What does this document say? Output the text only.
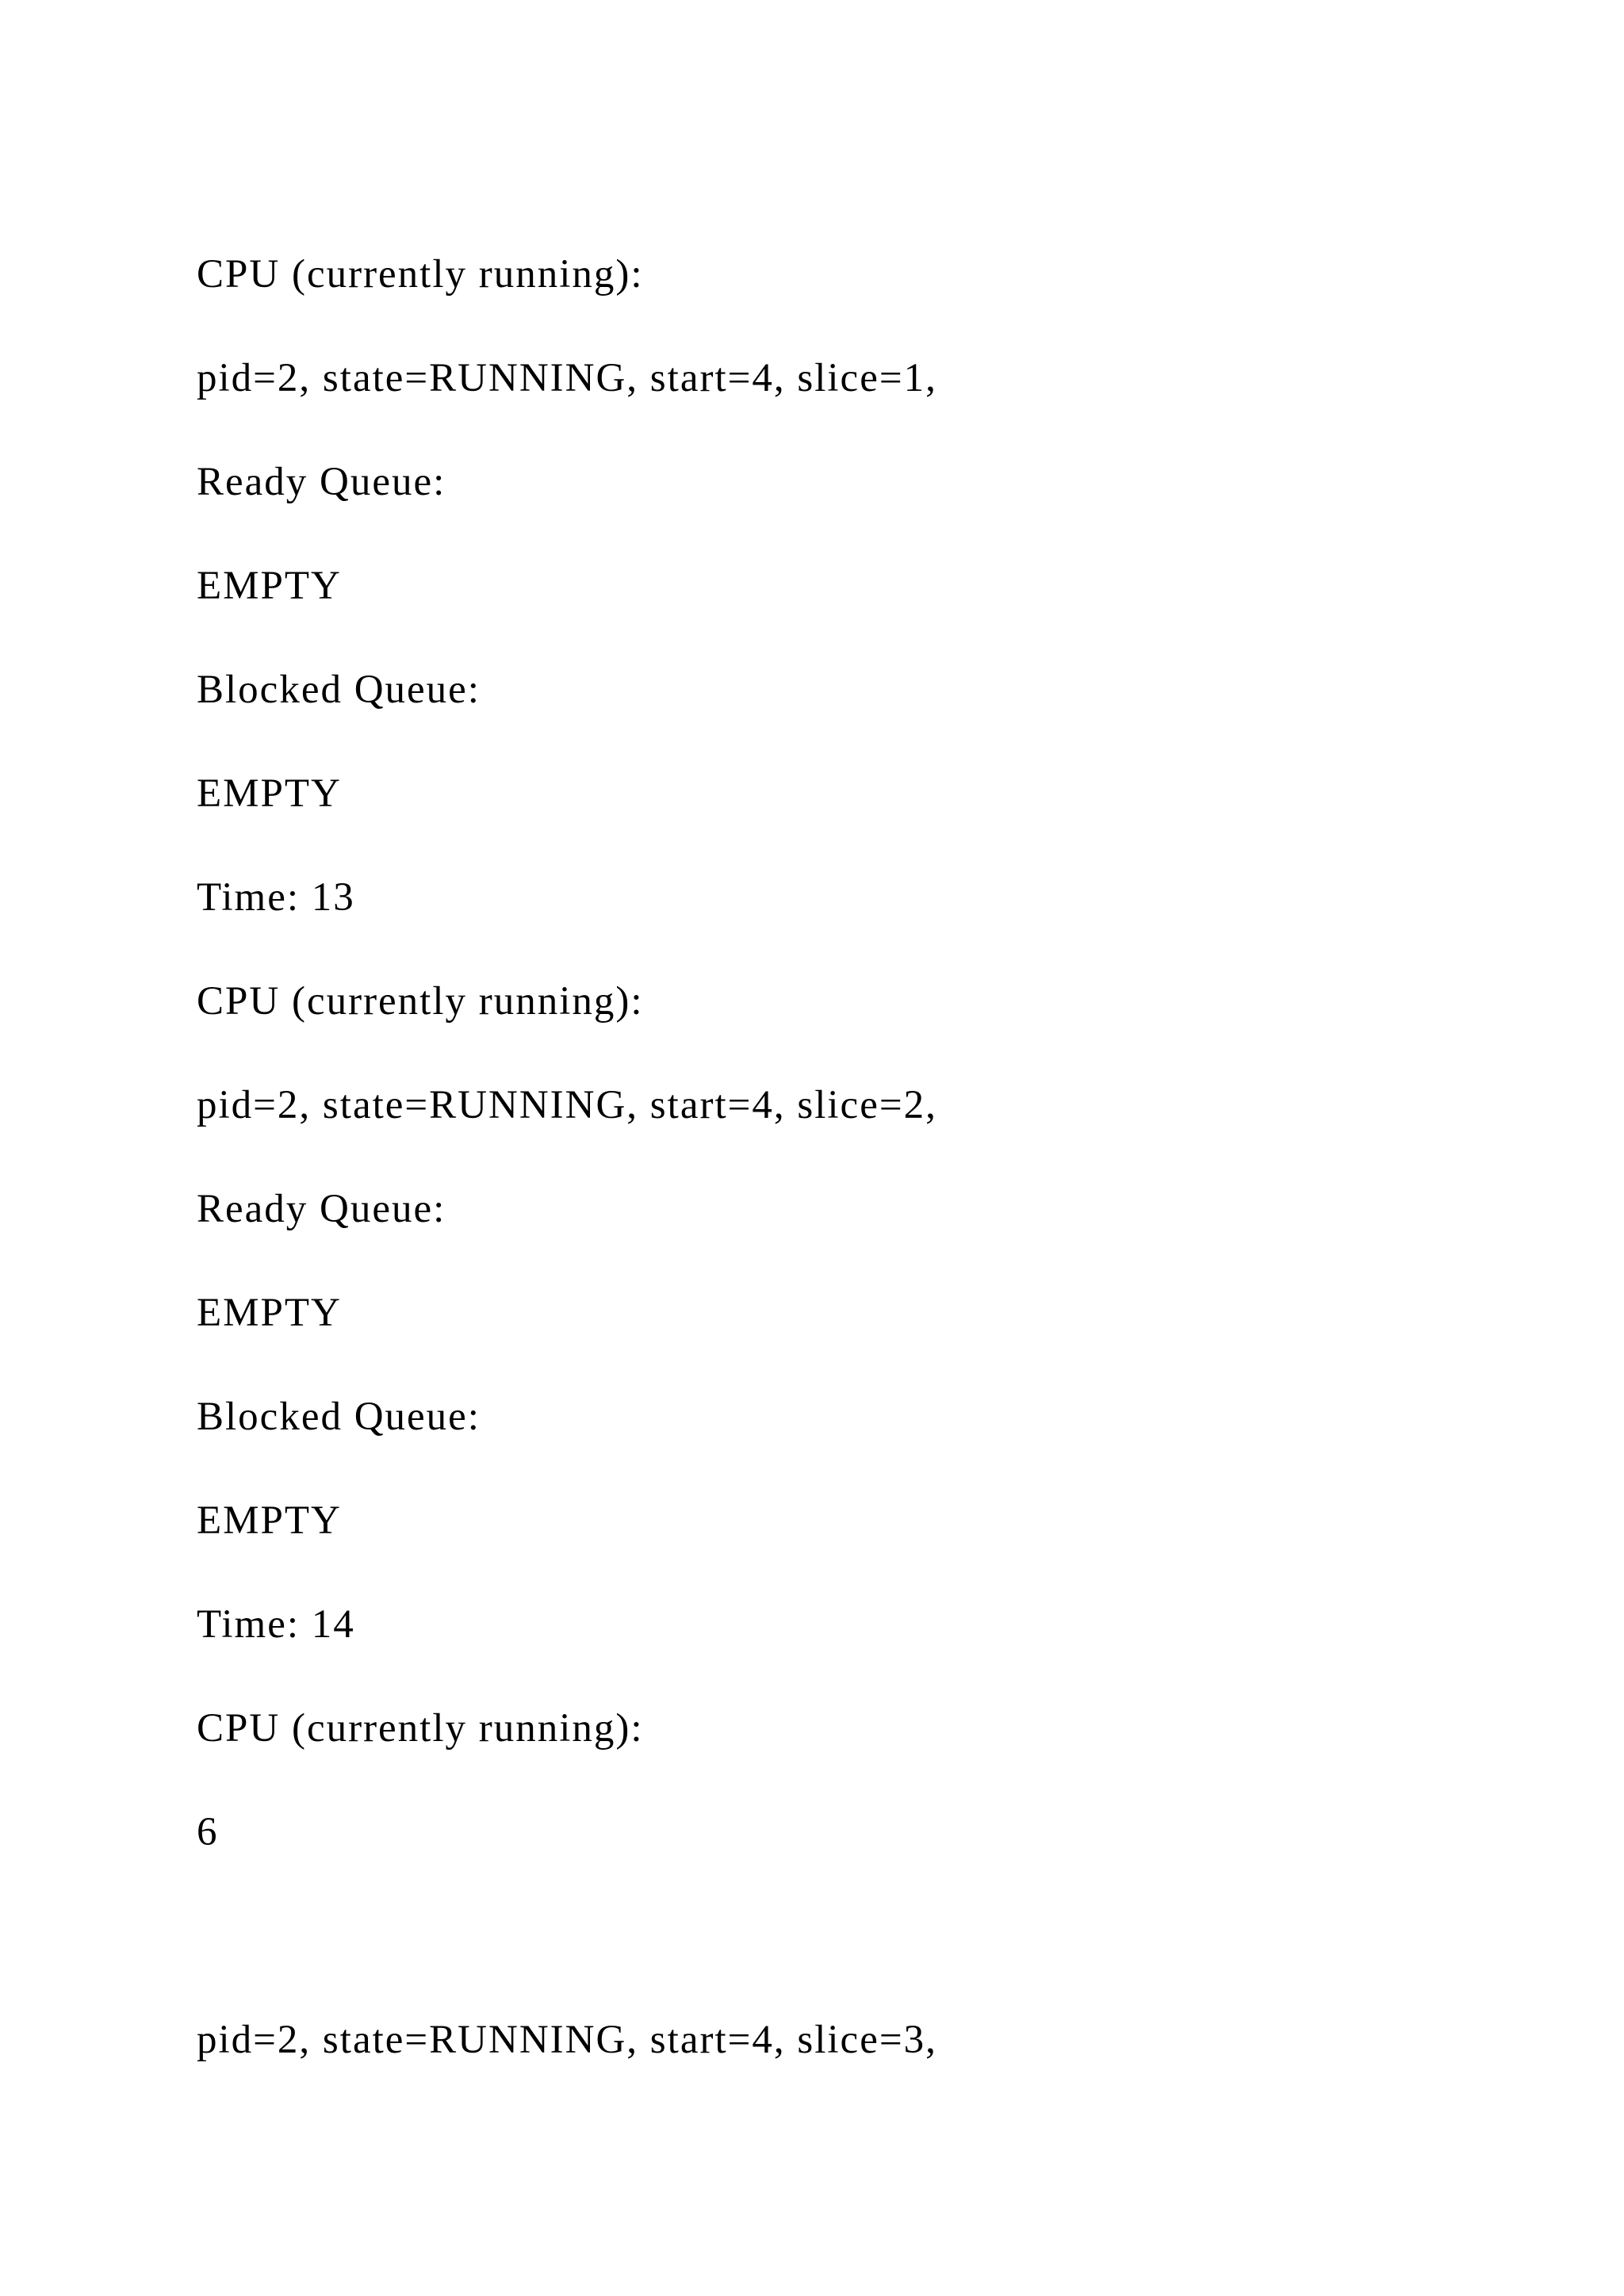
CPU (currently running):
pid=2, state=RUNNING, start=4, slice=1,
Ready Queue:
EMPTY
Blocked Queue:
EMPTY
Time: 13
CPU (currently running):
pid=2, state=RUNNING, start=4, slice=2,
Ready Queue:
EMPTY
Blocked Queue:
EMPTY
Time: 14
CPU (currently running):
6
pid=2, state=RUNNING, start=4, slice=3,
